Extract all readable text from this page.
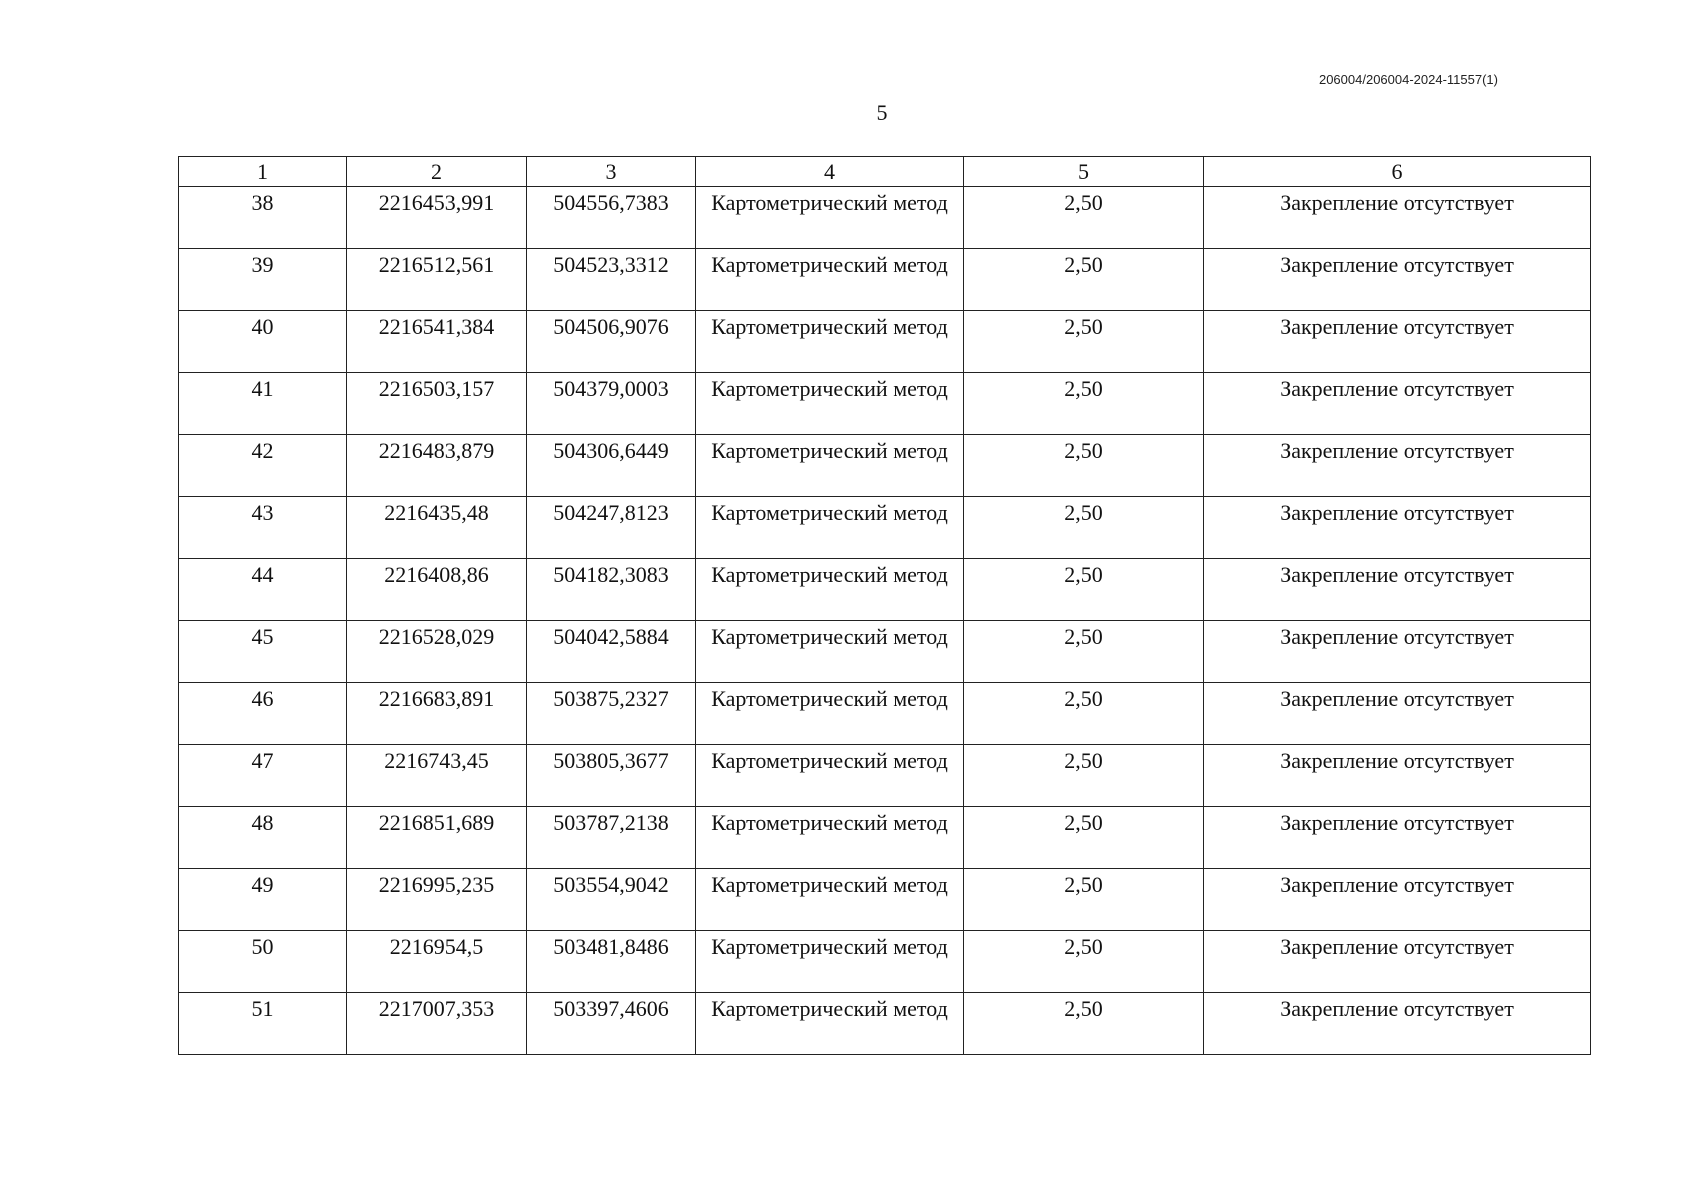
206004/206004-2024-11557(1)
5
1	2	3	4	5	6
38	2216453,991	504556,7383	Картометрический метод	2,50	Закрепление отсутствует
39	2216512,561	504523,3312	Картометрический метод	2,50	Закрепление отсутствует
40	2216541,384	504506,9076	Картометрический метод	2,50	Закрепление отсутствует
41	2216503,157	504379,0003	Картометрический метод	2,50	Закрепление отсутствует
42	2216483,879	504306,6449	Картометрический метод	2,50	Закрепление отсутствует
43	2216435,48	504247,8123	Картометрический метод	2,50	Закрепление отсутствует
44	2216408,86	504182,3083	Картометрический метод	2,50	Закрепление отсутствует
45	2216528,029	504042,5884	Картометрический метод	2,50	Закрепление отсутствует
46	2216683,891	503875,2327	Картометрический метод	2,50	Закрепление отсутствует
47	2216743,45	503805,3677	Картометрический метод	2,50	Закрепление отсутствует
48	2216851,689	503787,2138	Картометрический метод	2,50	Закрепление отсутствует
49	2216995,235	503554,9042	Картометрический метод	2,50	Закрепление отсутствует
50	2216954,5	503481,8486	Картометрический метод	2,50	Закрепление отсутствует
51	2217007,353	503397,4606	Картометрический метод	2,50	Закрепление отсутствует
